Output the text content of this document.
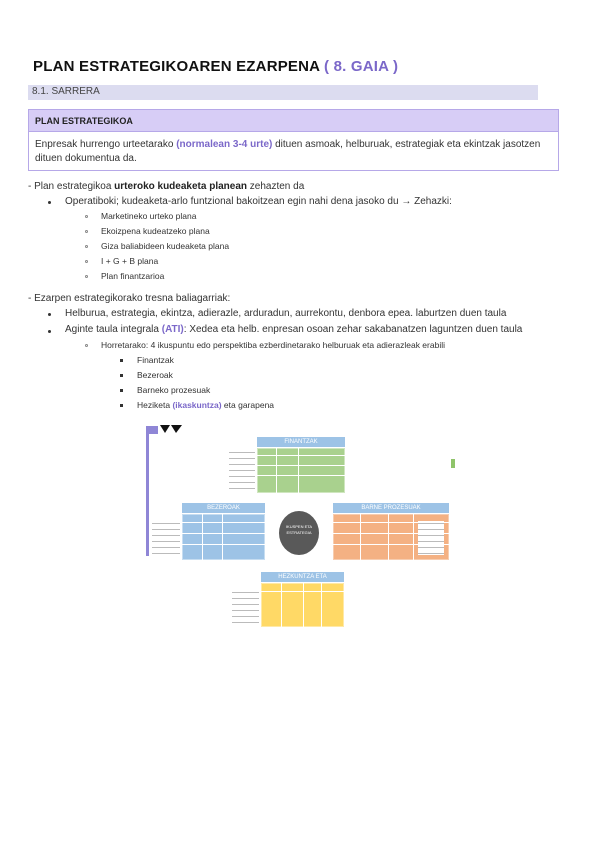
PLAN ESTRATEGIKOAREN EZARPENA ( 8. GAIA )
8.1. SARRERA
PLAN ESTRATEGIKOA
Enpresak hurrengo urteetarako (normalean 3-4 urte) dituen asmoak, helburuak, estrategiak eta ekintzak jasotzen
dituen dokumentua da.
- Plan estrategikoa urteroko kudeaketa planean zehazten da
Operatiboki; kudeaketa-arlo funtzional bakoitzean egin nahi dena jasoko du → Zehazki:
Marketineko urteko plana
Ekoizpena kudeatzeko plana
Giza baliabideen kudeaketa plana
I + G + B plana
Plan finantzarioa
- Ezarpen estrategikorako tresna baliagarriak:
Helburua, estrategia, ekintza, adierazle, arduradun, aurrekontu, denbora epea. laburtzen duen taula
Aginte taula integrala (ATI): Xedea eta helb. enpresan osoan zehar sakabanatzen laguntzen duen taula
Horretarako: 4 ikuspuntu edo perspektiba ezberdinetarako helburuak eta adierazleak erabili
Finantzak
Bezeroak
Barneko prozesuak
Heziketa (ikaskuntza) eta garapena
FINANTZAK
BEZEROAK
IKUSPEN ETA ESTRATEGIA
BARNE PROZESUAK
HEZKUNTZA ETA
